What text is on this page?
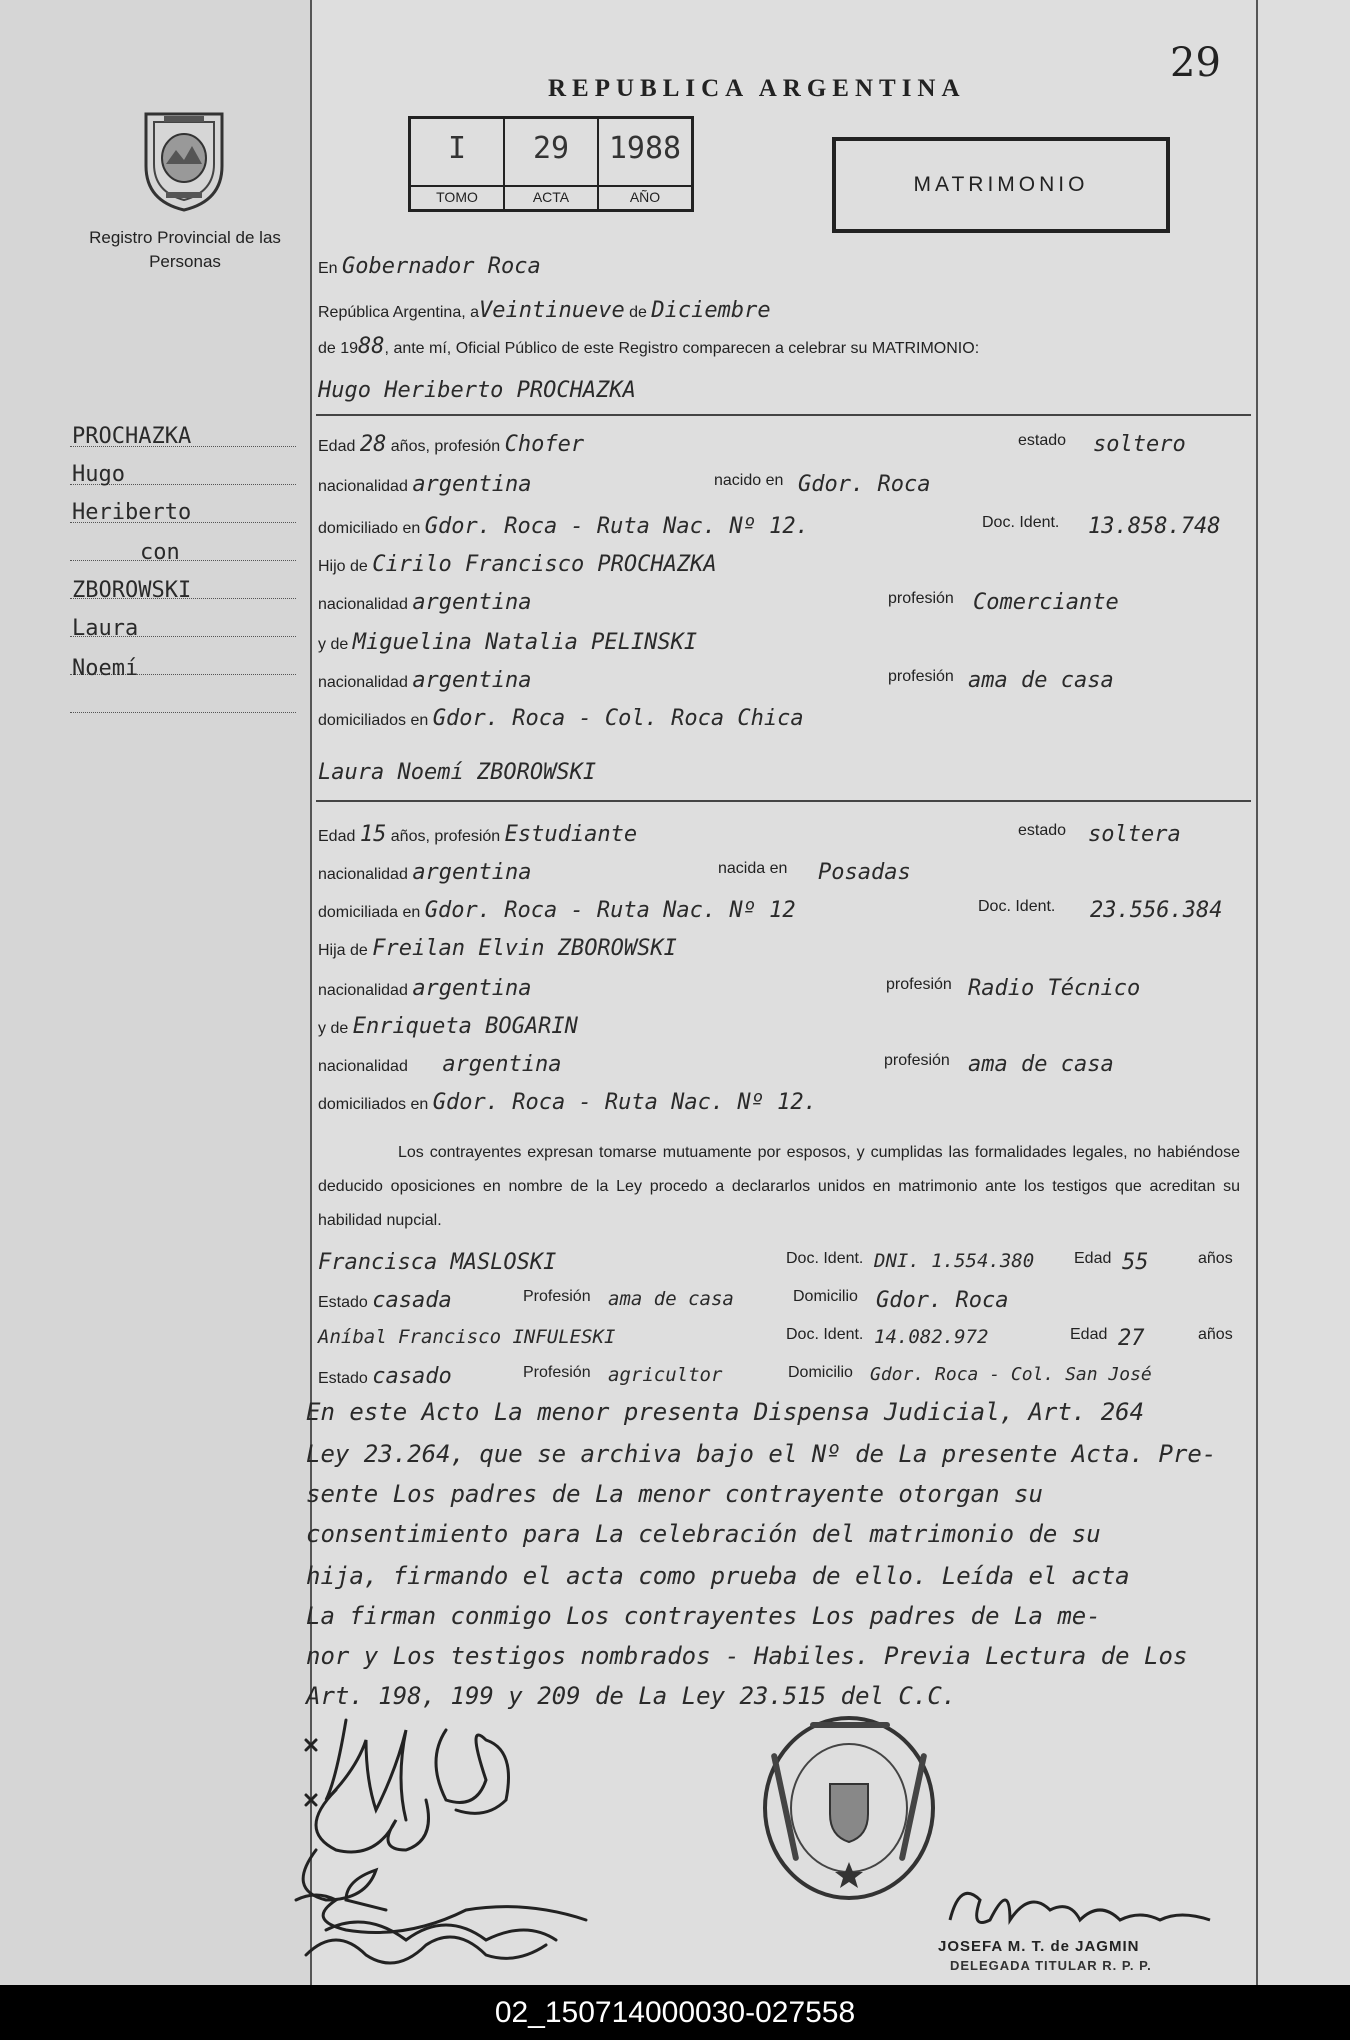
29
REPUBLICA ARGENTINA
I
TOMO
29
ACTA
1988
AÑO
MATRIMONIO
Registro Provincial de las Personas
PROCHAZKA
Hugo
Heriberto
con
ZBOROWSKI
Laura
Noemí
En Gobernador Roca
República Argentina, aVeintinueve de Diciembre
de 1988, ante mí, Oficial Público de este Registro comparecen a celebrar su MATRIMONIO:
Hugo Heriberto PROCHAZKA
Edad 28 años, profesión Chofer	estado soltero
nacionalidad argentina	nacido en Gdor. Roca
domiciliado en Gdor. Roca - Ruta Nac. Nº 12.	Doc. Ident. 13.858.748
Hijo de Cirilo Francisco PROCHAZKA
nacionalidad argentina	profesión Comerciante
y de Miguelina Natalia PELINSKI
nacionalidad argentina	profesión ama de casa
domiciliados en Gdor. Roca - Col. Roca Chica
Laura Noemí ZBOROWSKI
Edad 15 años, profesión Estudiante	estado soltera
nacionalidad argentina	nacida en Posadas
domiciliada en Gdor. Roca - Ruta Nac. Nº 12	Doc. Ident. 23.556.384
Hija de Freilan Elvin ZBOROWSKI
nacionalidad argentina	profesión Radio Técnico
y de Enriqueta BOGARIN
nacionalidad argentina	profesión ama de casa
domiciliados en Gdor. Roca - Ruta Nac. Nº 12.
Los contrayentes expresan tomarse mutuamente por esposos, y cumplidas las formalidades legales, no habiéndose deducido oposiciones en nombre de la Ley procedo a declararlos unidos en matrimonio ante los testigos que acreditan su habilidad nupcial.
Francisca MASLOSKI	Doc. Ident. DNI. 1.554.380 Edad 55	años
Estado casada	Profesión ama de casa	Domicilio Gdor. Roca
Aníbal Francisco INFULESKI	Doc. Ident. 14.082.972	Edad 27	años
Estado casado	Profesión agricultor	Domicilio Gdor. Roca - Col. San José
En este Acto La menor presenta Dispensa Judicial, Art. 264
Ley 23.264, que se archiva bajo el Nº de La presente Acta. Pre-
sente Los padres de La menor contrayente otorgan su
consentimiento para La celebración del matrimonio de su
hija, firmando el acta como prueba de ello. Leída el acta
La firman conmigo Los contrayentes Los padres de La me-
nor y Los testigos nombrados - Habiles. Previa Lectura de Los
Art. 198, 199 y 209 de La Ley 23.515 del C.C.
JOSEFA M. T. de JAGMIN
DELEGADA TITULAR R. P. P.
02_150714000030-027558
